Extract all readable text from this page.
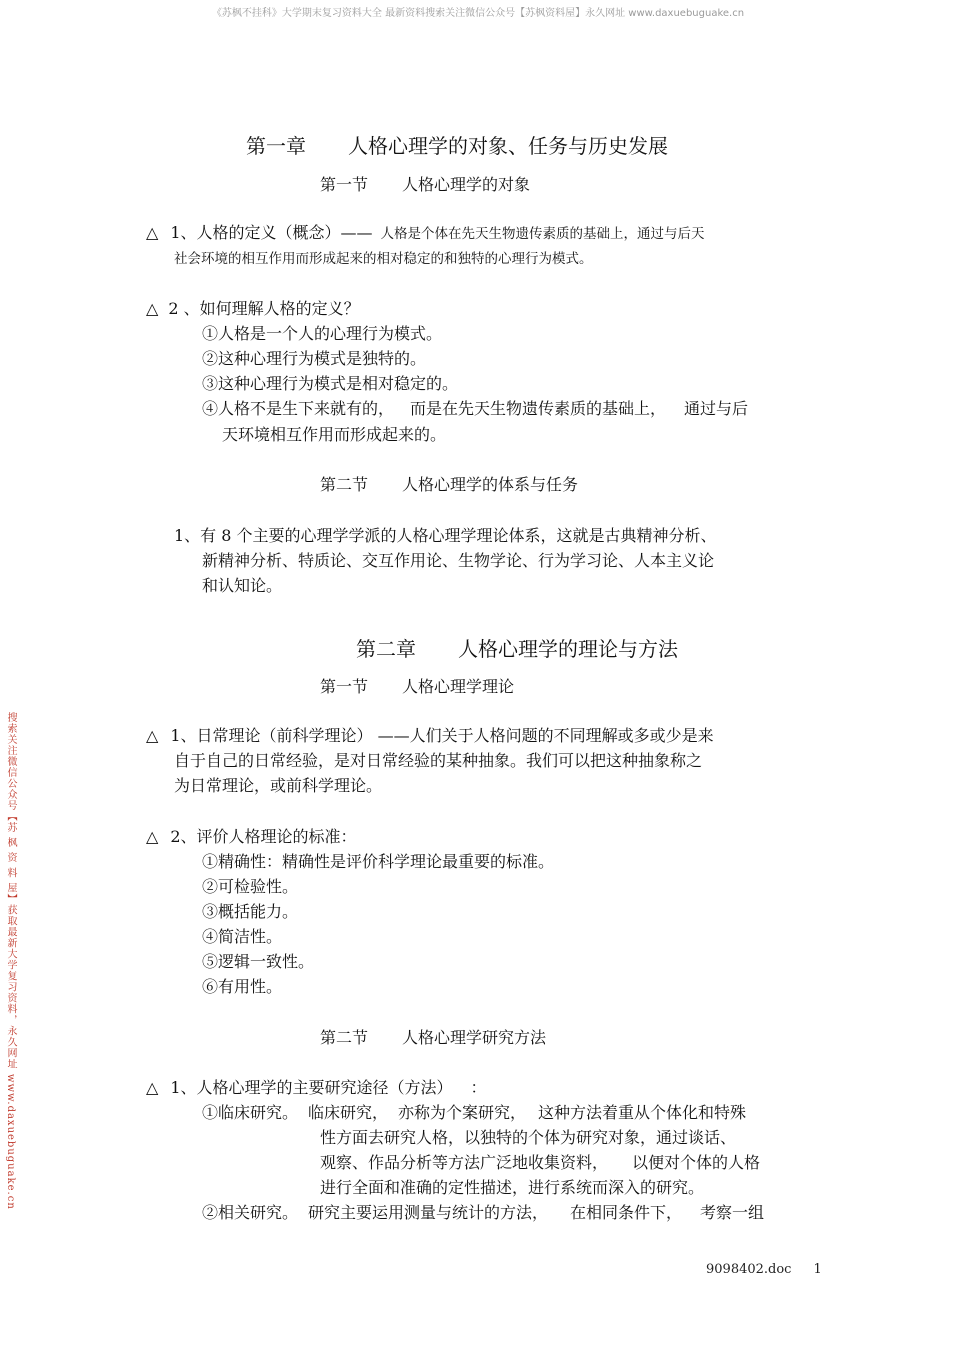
《苏枫不挂科》大学期末复习资料大全 最新资料搜索关注微信公众号【苏枫资料屋】永久网址 www.daxuebuguake.cn
搜索关注微信公众号【苏 枫 资 料 屋】获取最新大学复习资料，永久网址 www.daxuebuguake.cn
第一章 人格心理学的对象、任务与历史发展
第一节 人格心理学的对象
△ 1、人格的定义（概念）—— 人格是个体在先天生物遗传素质的基础上，通过与后天
社会环境的相互作用而形成起来的相对稳定的和独特的心理行为模式。
△ 2 、如何理解人格的定义？
①人格是一个人的心理行为模式。
②这种心理行为模式是独特的。
③这种心理行为模式是相对稳定的。
④人格不是生下来就有的， 而是在先天生物遗传素质的基础上， 通过与后
天环境相互作用而形成起来的。
第二节 人格心理学的体系与任务
1、有 8 个主要的心理学学派的人格心理学理论体系，这就是古典精神分析、
新精神分析、特质论、交互作用论、生物学论、行为学习论、人本主义论
和认知论。
第二章 人格心理学的理论与方法
第一节 人格心理学理论
△ 1、日常理论（前科学理论） ——人们关于人格问题的不同理解或多或少是来
自于自己的日常经验，是对日常经验的某种抽象。我们可以把这种抽象称之
为日常理论，或前科学理论。
△ 2、评价人格理论的标准：
①精确性：精确性是评价科学理论最重要的标准。
②可检验性。
③概括能力。
④简洁性。
⑤逻辑一致性。
⑥有用性。
第二节 人格心理学研究方法
△ 1、人格心理学的主要研究途径（方法） ：
①临床研究。 临床研究， 亦称为个案研究， 这种方法着重从个体化和特殊
性方面去研究人格，以独特的个体为研究对象，通过谈话、
观察、作品分析等方法广泛地收集资料， 以便对个体的人格
进行全面和准确的定性描述，进行系统而深入的研究。
②相关研究。 研究主要运用测量与统计的方法， 在相同条件下， 考察一组
9098402.doc 1
